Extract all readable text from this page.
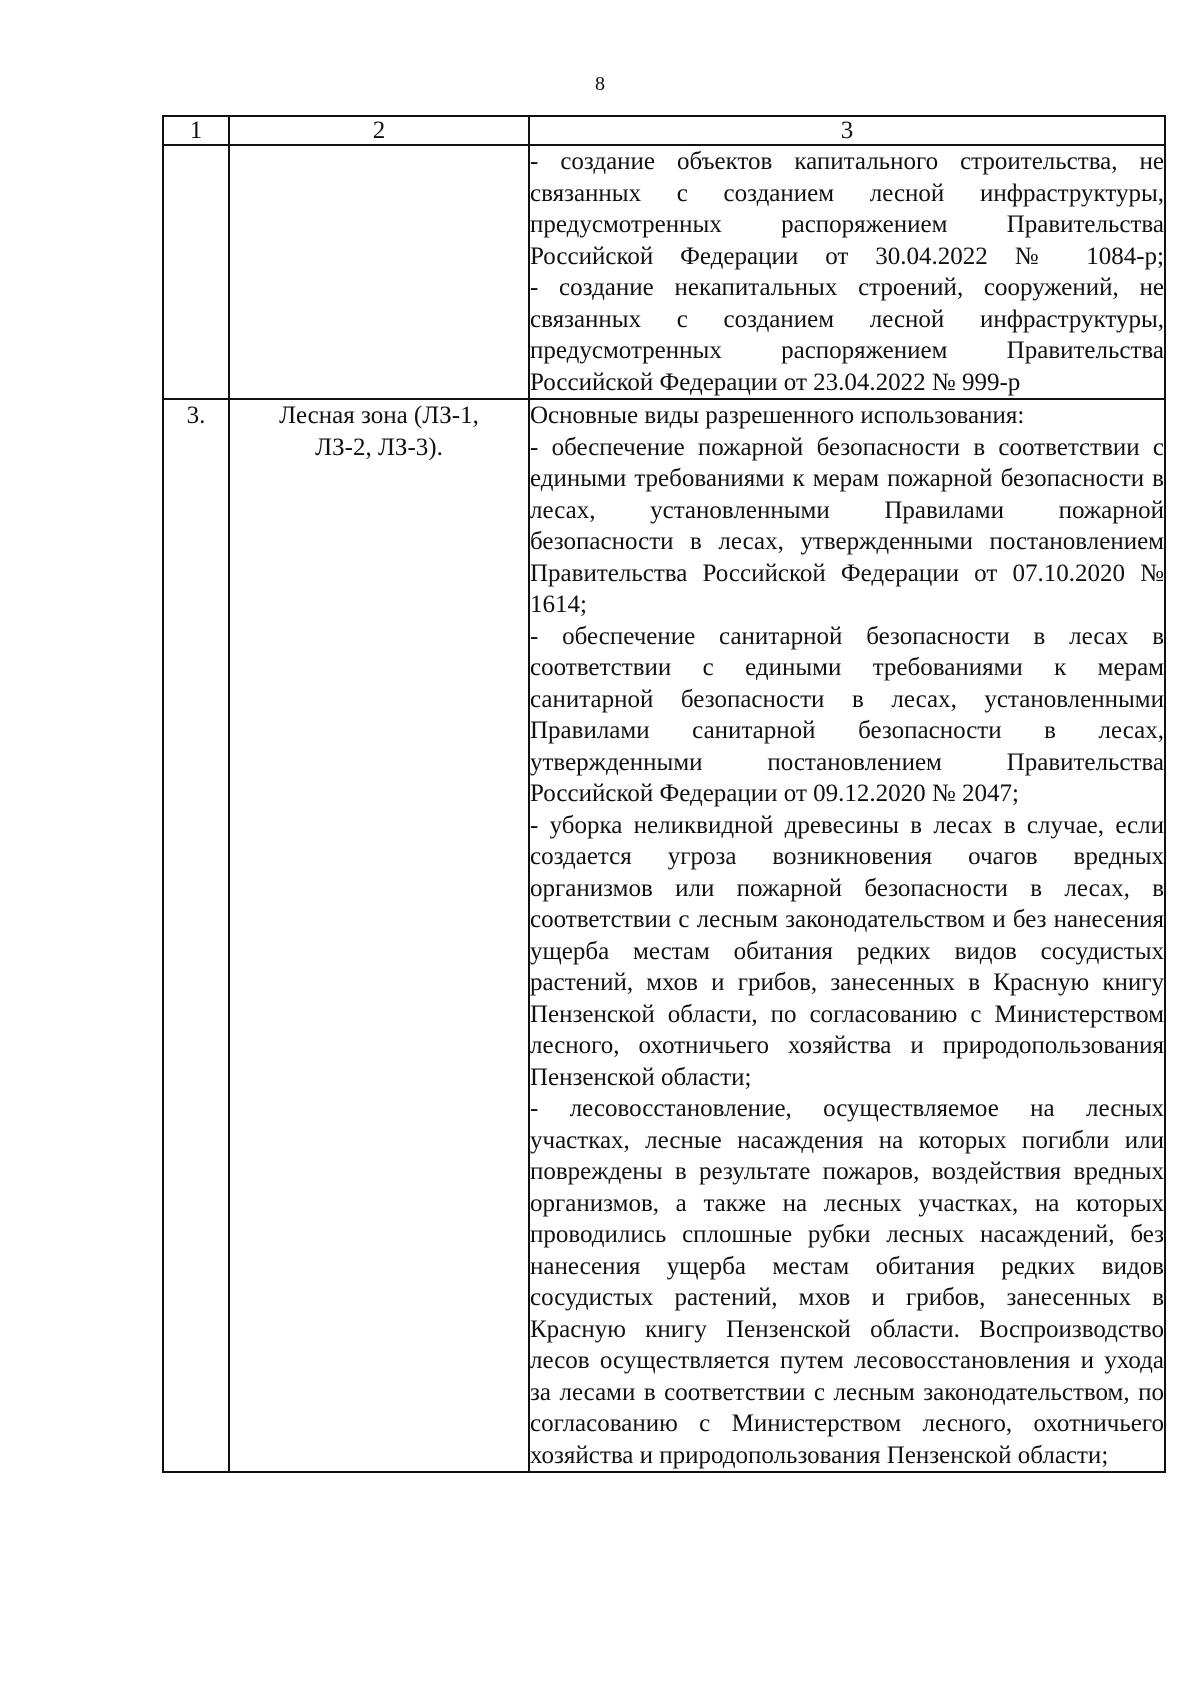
8
1	2	3

		- создание объектов капитального строительства, не связанных с созданием лесной инфраструктуры, предусмотренных распоряжением Правительства Российской Федерации от 30.04.2022 № 1084-р;
- создание некапитальных строений, сооружений, не связанных с созданием лесной инфраструктуры, предусмотренных распоряжением Правительства Российской Федерации от 23.04.2022 № 999-р

3.	Лесная зона (ЛЗ-1, ЛЗ-2, ЛЗ-3).	Основные виды разрешенного использования:
- обеспечение пожарной безопасности в соответствии с едиными требованиями к мерам пожарной безопасности в лесах, установленными Правилами пожарной безопасности в лесах, утвержденными постановлением Правительства Российской Федерации от 07.10.2020 № 1614;
- обеспечение санитарной безопасности в лесах в соответствии с едиными требованиями к мерам санитарной безопасности в лесах, установленными Правилами санитарной безопасности в лесах, утвержденными постановлением Правительства Российской Федерации от 09.12.2020 № 2047;
- уборка неликвидной древесины в лесах в случае, если создается угроза возникновения очагов вредных организмов или пожарной безопасности в лесах, в соответствии с лесным законодательством и без нанесения ущерба местам обитания редких видов сосудистых растений, мхов и грибов, занесенных в Красную книгу Пензенской области, по согласованию с Министерством лесного, охотничьего хозяйства и природопользования Пензенской области;
- лесовосстановление, осуществляемое на лесных участках, лесные насаждения на которых погибли или повреждены в результате пожаров, воздействия вредных организмов, а также на лесных участках, на которых проводились сплошные рубки лесных насаждений, без нанесения ущерба местам обитания редких видов сосудистых растений, мхов и грибов, занесенных в Красную книгу Пензенской области. Воспроизводство лесов осуществляется путем лесовосстановления и ухода за лесами в соответствии с лесным законодательством, по согласованию с Министерством лесного, охотничьего хозяйства и природопользования Пензенской области;
